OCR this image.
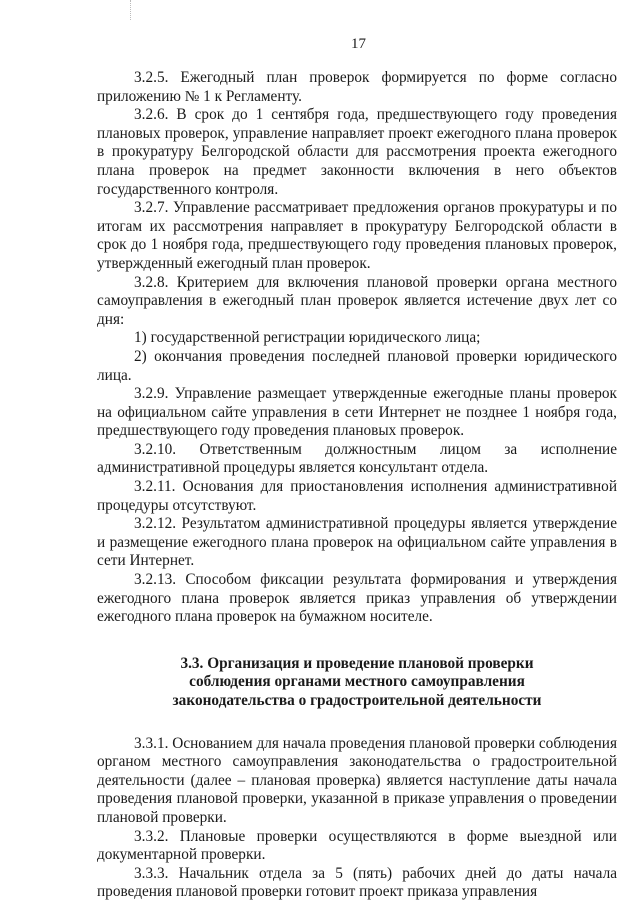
17

3.2.5. Ежегодный план проверок формируется по форме согласно приложению № 1 к Регламенту.

3.2.6. В срок до 1 сентября года, предшествующего году проведения плановых проверок, управление направляет проект ежегодного плана проверок в прокуратуру Белгородской области для рассмотрения проекта ежегодного плана проверок на предмет законности включения в него объектов государственного контроля.

3.2.7. Управление рассматривает предложения органов прокуратуры и по итогам их рассмотрения направляет в прокуратуру Белгородской области в срок до 1 ноября года, предшествующего году проведения плановых проверок, утвержденный ежегодный план проверок.

3.2.8. Критерием для включения плановой проверки органа местного самоуправления в ежегодный план проверок является истечение двух лет со дня:

1) государственной регистрации юридического лица;

2) окончания проведения последней плановой проверки юридического лица.

3.2.9. Управление размещает утвержденные ежегодные планы проверок на официальном сайте управления в сети Интернет не позднее 1 ноября года, предшествующего году проведения плановых проверок.

3.2.10. Ответственным должностным лицом за исполнение административной процедуры является консультант отдела.

3.2.11. Основания для приостановления исполнения административной процедуры отсутствуют.

3.2.12. Результатом административной процедуры является утверждение и размещение ежегодного плана проверок на официальном сайте управления в сети Интернет.

3.2.13. Способом фиксации результата формирования и утверждения ежегодного плана проверок является приказ управления об утверждении ежегодного плана проверок на бумажном носителе.

3.3. Организация и проведение плановой проверки
соблюдения органами местного самоуправления
законодательства о градостроительной деятельности

3.3.1. Основанием для начала проведения плановой проверки соблюдения органом местного самоуправления законодательства о градостроительной деятельности (далее – плановая проверка) является наступление даты начала проведения плановой проверки, указанной в приказе управления о проведении плановой проверки.

3.3.2. Плановые проверки осуществляются в форме выездной или документарной проверки.

3.3.3. Начальник отдела за 5 (пять) рабочих дней до даты начала проведения плановой проверки готовит проект приказа управления
